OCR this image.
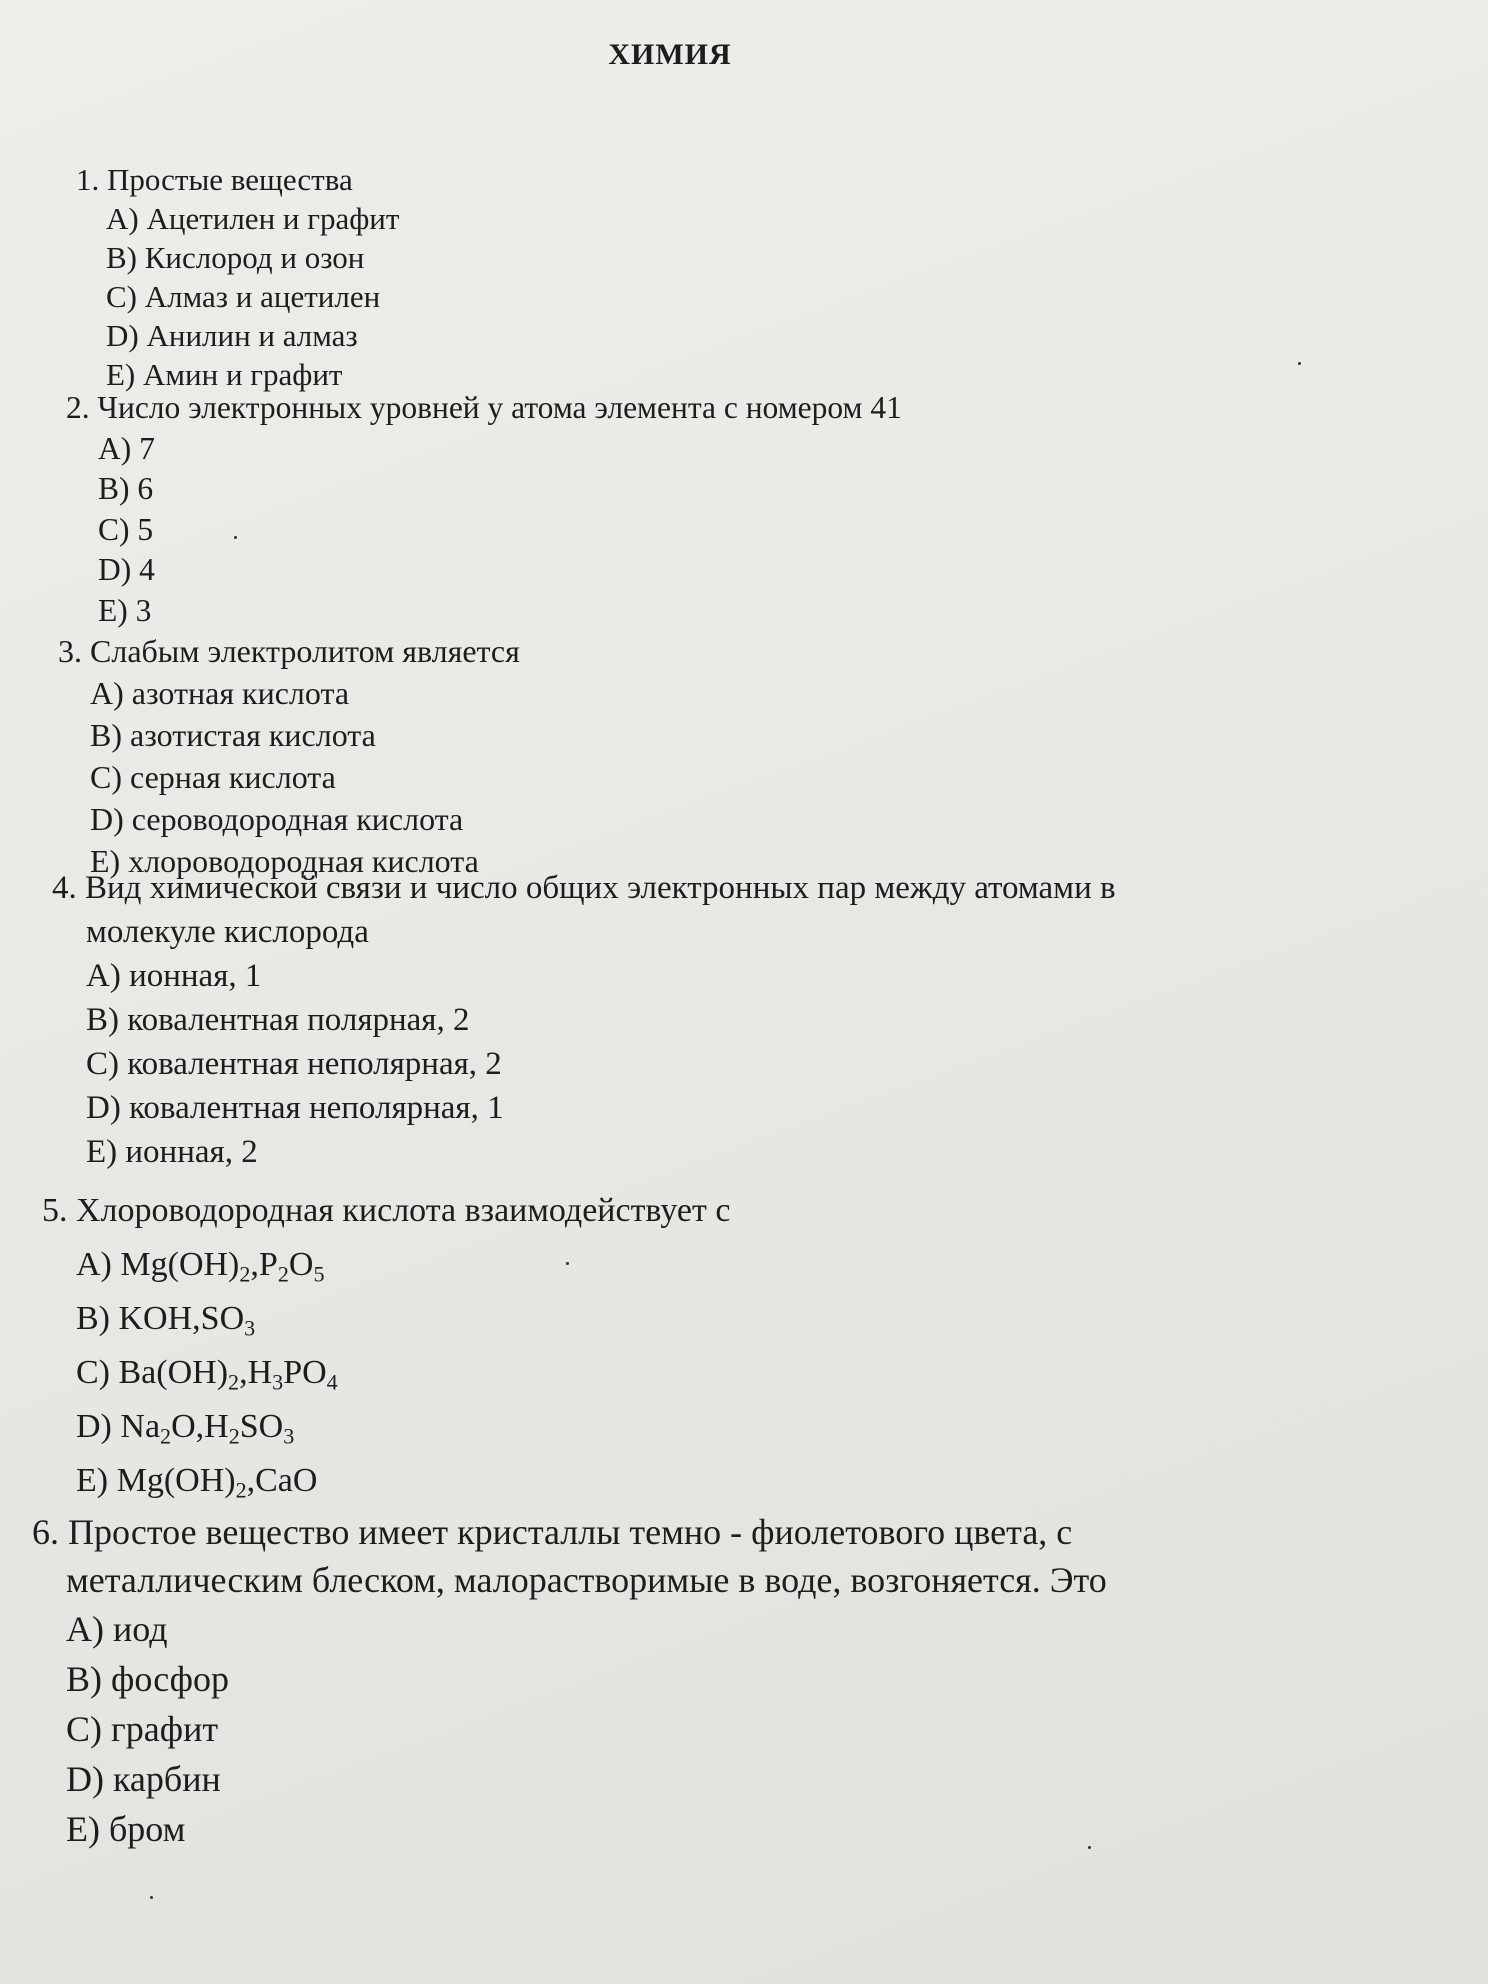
ХИМИЯ
1. Простые вещества
A) Ацетилен и графит
B) Кислород и озон
C) Алмаз и ацетилен
D) Анилин и алмаз
E) Амин и графит
2. Число электронных уровней у атома элемента с номером 41
A) 7
B) 6
C) 5
D) 4
E) 3
3. Слабым электролитом является
A) азотная кислота
B) азотистая кислота
C) серная кислота
D) сероводородная кислота
E) хлороводородная кислота
4. Вид химической связи и число общих электронных пар между атомами в
молекуле кислорода
A) ионная, 1
B) ковалентная полярная, 2
C) ковалентная неполярная, 2
D) ковалентная неполярная, 1
E) ионная, 2
5. Хлороводородная кислота взаимодействует с
A) $Mg(OH)_2,P_2O_5$
B) $KOH,SO_3$
C) $Ba(OH)_2,H_3PO_4$
D) $Na_2O,H_2SO_3$
E) $Mg(OH)_2,CaO$
6. Простое вещество имеет кристаллы темно - фиолетового цвета, с
металлическим блеском, малорастворимые в воде, возгоняется. Это
A) иод
B) фосфор
C) графит
D) карбин
E) бром
